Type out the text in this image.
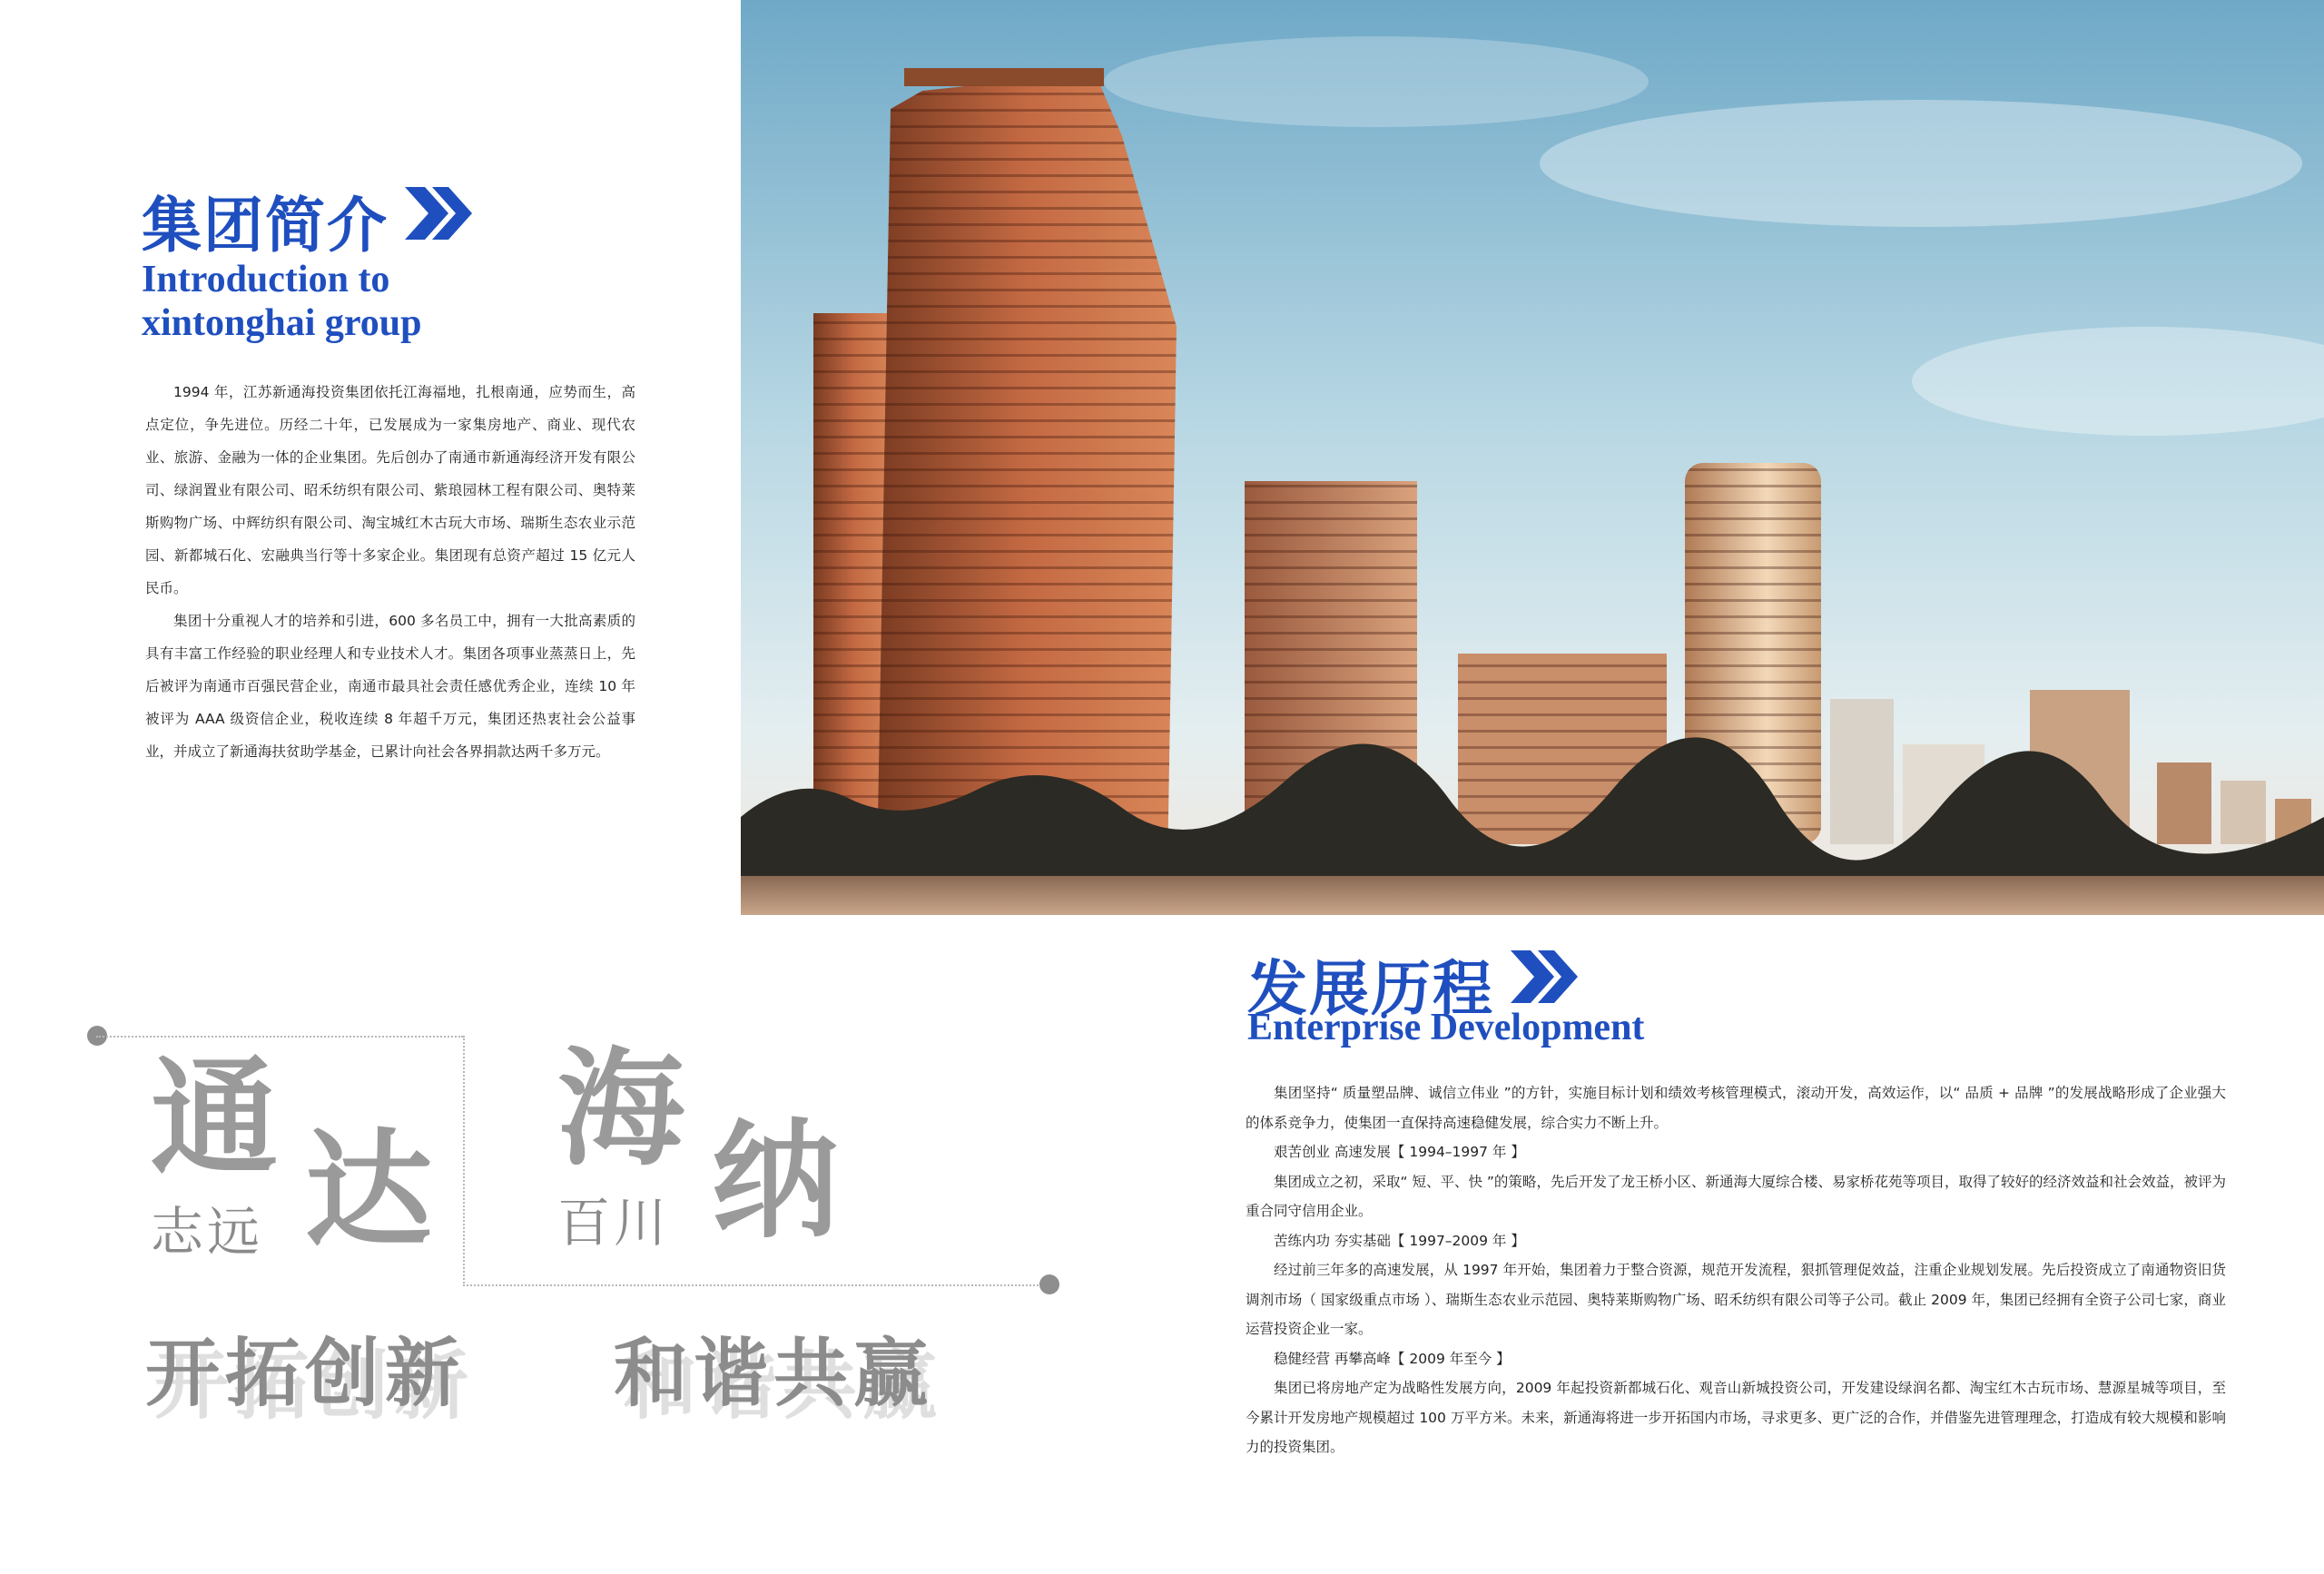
集团简介
Introduction to
xintonghai group

1994 年，江苏新通海投资集团依托江海福地，扎根南通，应势而生，高点定位，争先进位。历经二十年，已发展成为一家集房地产、商业、现代农业、旅游、金融为一体的企业集团。先后创办了南通市新通海经济开发有限公司、绿润置业有限公司、昭禾纺织有限公司、紫琅园林工程有限公司、奥特莱斯购物广场、中辉纺织有限公司、淘宝城红木古玩大市场、瑞斯生态农业示范园、新都城石化、宏融典当行等十多家企业。集团现有总资产超过 15 亿元人民币。

集团十分重视人才的培养和引进，600 多名员工中，拥有一大批高素质的具有丰富工作经验的职业经理人和专业技术人才。集团各项事业蒸蒸日上，先后被评为南通市百强民营企业，南通市最具社会责任感优秀企业，连续 10 年被评为 AAA 级资信企业，税收连续 8 年超千万元，集团还热衷社会公益事业，并成立了新通海扶贫助学基金，已累计向社会各界捐款达两千多万元。

通
志远 达
海
百川 纳
开拓创新 和谐共赢
发展历程
Enterprise Development

集团坚持“ 质量塑品牌、诚信立伟业 ”的方针，实施目标计划和绩效考核管理模式，滚动开发，高效运作，以“ 品质 + 品牌 ”的发展战略形成了企业强大的体系竞争力，使集团一直保持高速稳健发展，综合实力不断上升。

艰苦创业 高速发展【 1994–1997 年 】

集团成立之初，采取“ 短、平、快 ”的策略，先后开发了龙王桥小区、新通海大厦综合楼、易家桥花苑等项目，取得了较好的经济效益和社会效益，被评为重合同守信用企业。

苦练内功 夯实基础【 1997–2009 年 】

经过前三年多的高速发展，从 1997 年开始，集团着力于整合资源，规范开发流程，狠抓管理促效益，注重企业规划发展。先后投资成立了南通物资旧货调剂市场（ 国家级重点市场 ）、瑞斯生态农业示范园、奥特莱斯购物广场、昭禾纺织有限公司等子公司。截止 2009 年，集团已经拥有全资子公司七家，商业运营投资企业一家。

稳健经营 再攀高峰【 2009 年至今 】

集团已将房地产定为战略性发展方向，2009 年起投资新都城石化、观音山新城投资公司，开发建设绿润名都、淘宝红木古玩市场、慧源星城等项目，至今累计开发房地产规模超过 100 万平方米。未来，新通海将进一步开拓国内市场，寻求更多、更广泛的合作，并借鉴先进管理理念，打造成有较大规模和影响力的投资集团。
